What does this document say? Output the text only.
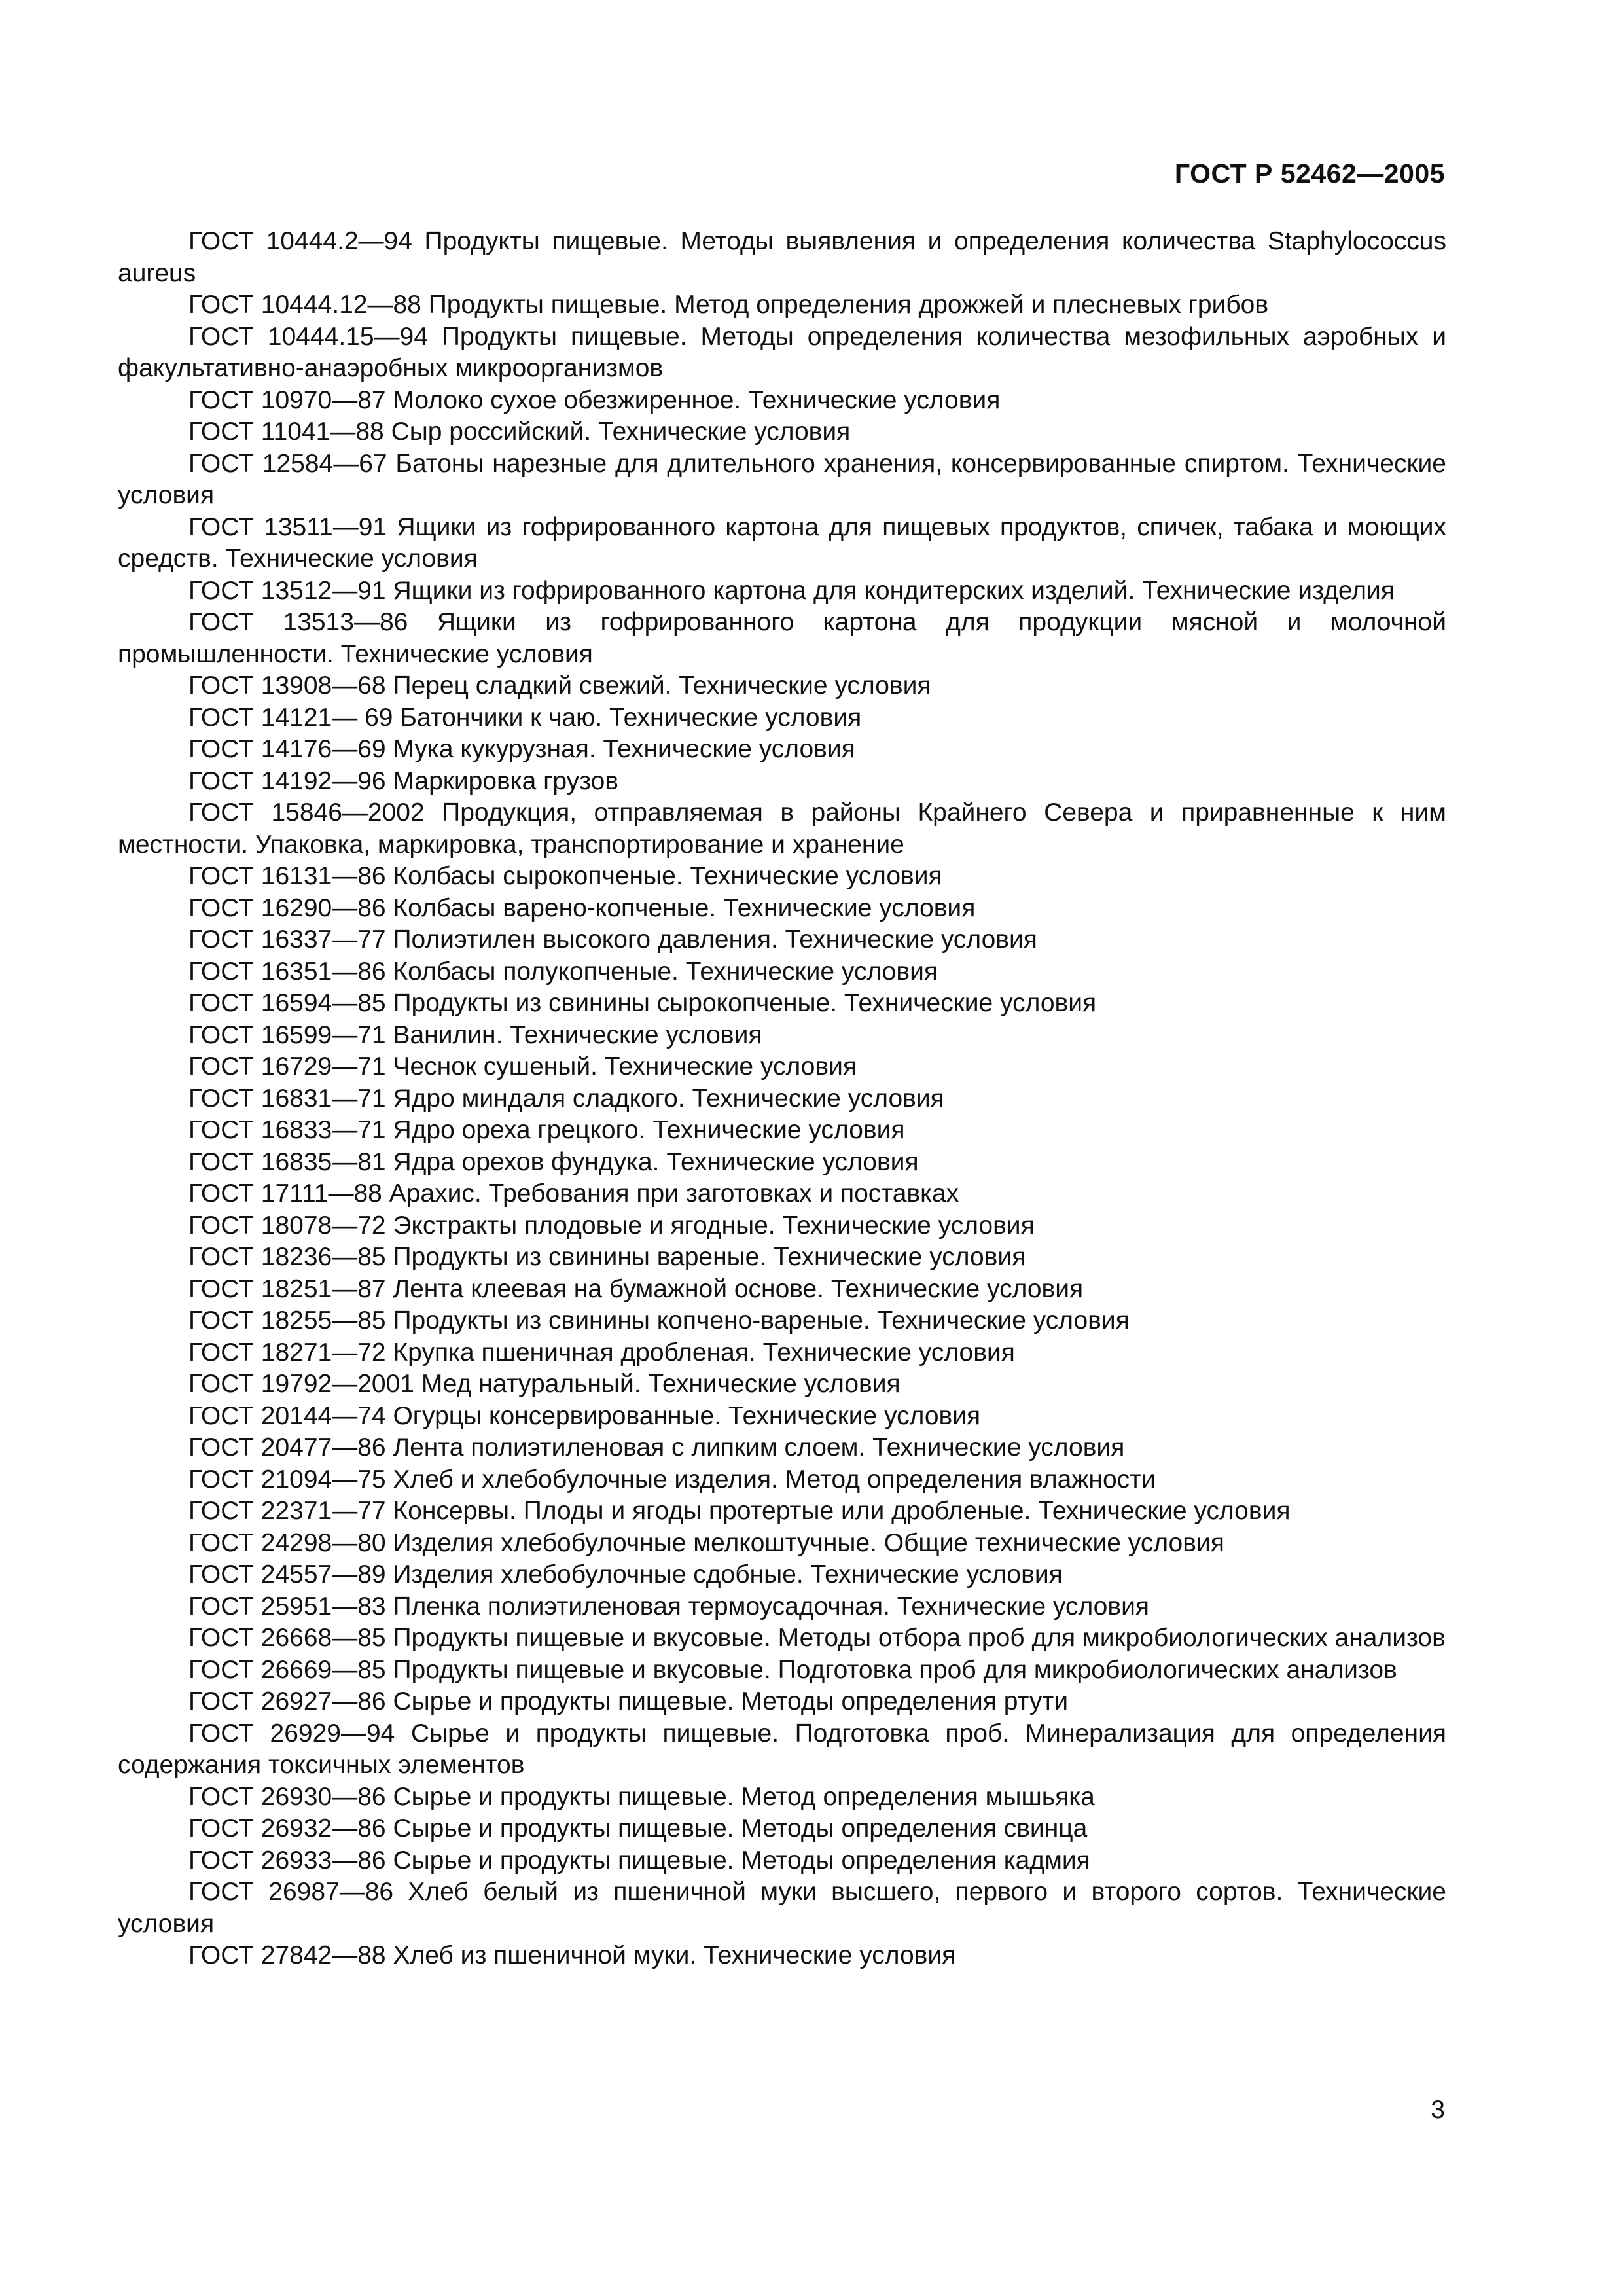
ГОСТ Р 52462—2005

ГОСТ 10444.2—94 Продукты пищевые. Методы выявления и определения количества Staphylococcus aureus

ГОСТ 10444.12—88 Продукты пищевые. Метод определения дрожжей и плесневых грибов

ГОСТ 10444.15—94 Продукты пищевые. Методы определения количества мезофильных аэробных и факультативно-анаэробных микроорганизмов

ГОСТ 10970—87 Молоко сухое обезжиренное. Технические условия

ГОСТ 11041—88 Сыр российский. Технические условия

ГОСТ 12584—67 Батоны нарезные для длительного хранения, консервированные спиртом. Технические условия

ГОСТ 13511—91 Ящики из гофрированного картона для пищевых продуктов, спичек, табака и моющих средств. Технические условия

ГОСТ 13512—91 Ящики из гофрированного картона для кондитерских изделий. Технические изделия

ГОСТ 13513—86 Ящики из гофрированного картона для продукции мясной и молочной промышленности. Технические условия

ГОСТ 13908—68 Перец сладкий свежий. Технические условия

ГОСТ 14121— 69 Батончики к чаю. Технические условия

ГОСТ 14176—69 Мука кукурузная. Технические условия

ГОСТ 14192—96 Маркировка грузов

ГОСТ 15846—2002 Продукция, отправляемая в районы Крайнего Севера и приравненные к ним местности. Упаковка, маркировка, транспортирование и хранение

ГОСТ 16131—86 Колбасы сырокопченые. Технические условия

ГОСТ 16290—86 Колбасы варено-копченые. Технические условия

ГОСТ 16337—77 Полиэтилен высокого давления. Технические условия

ГОСТ 16351—86 Колбасы полукопченые. Технические условия

ГОСТ 16594—85 Продукты из свинины сырокопченые. Технические условия

ГОСТ 16599—71 Ванилин. Технические условия

ГОСТ 16729—71 Чеснок сушеный. Технические условия

ГОСТ 16831—71 Ядро миндаля сладкого. Технические условия

ГОСТ 16833—71 Ядро ореха грецкого. Технические условия

ГОСТ 16835—81 Ядра орехов фундука. Технические условия

ГОСТ 17111—88 Арахис. Требования при заготовках и поставках

ГОСТ 18078—72 Экстракты плодовые и ягодные. Технические условия

ГОСТ 18236—85 Продукты из свинины вареные. Технические условия

ГОСТ 18251—87 Лента клеевая на бумажной основе. Технические условия

ГОСТ 18255—85 Продукты из свинины копчено-вареные. Технические условия

ГОСТ 18271—72 Крупка пшеничная дробленая. Технические условия

ГОСТ 19792—2001 Мед натуральный. Технические условия

ГОСТ 20144—74 Огурцы консервированные. Технические условия

ГОСТ 20477—86 Лента полиэтиленовая с липким слоем. Технические условия

ГОСТ 21094—75 Хлеб и хлебобулочные изделия. Метод определения влажности

ГОСТ 22371—77 Консервы. Плоды и ягоды протертые или дробленые. Технические условия

ГОСТ 24298—80 Изделия хлебобулочные мелкоштучные. Общие технические условия

ГОСТ 24557—89 Изделия хлебобулочные сдобные. Технические условия

ГОСТ 25951—83 Пленка полиэтиленовая термоусадочная. Технические условия

ГОСТ 26668—85 Продукты пищевые и вкусовые. Методы отбора проб для микробиологических анализов

ГОСТ 26669—85 Продукты пищевые и вкусовые. Подготовка проб для микробиологических анализов

ГОСТ 26927—86 Сырье и продукты пищевые. Методы определения ртути

ГОСТ 26929—94 Сырье и продукты пищевые. Подготовка проб. Минерализация для определения содержания токсичных элементов

ГОСТ 26930—86 Сырье и продукты пищевые. Метод определения мышьяка

ГОСТ 26932—86 Сырье и продукты пищевые. Методы определения свинца

ГОСТ 26933—86 Сырье и продукты пищевые. Методы определения кадмия

ГОСТ 26987—86 Хлеб белый из пшеничной муки высшего, первого и второго сортов. Технические условия

ГОСТ 27842—88 Хлеб из пшеничной муки. Технические условия

3
